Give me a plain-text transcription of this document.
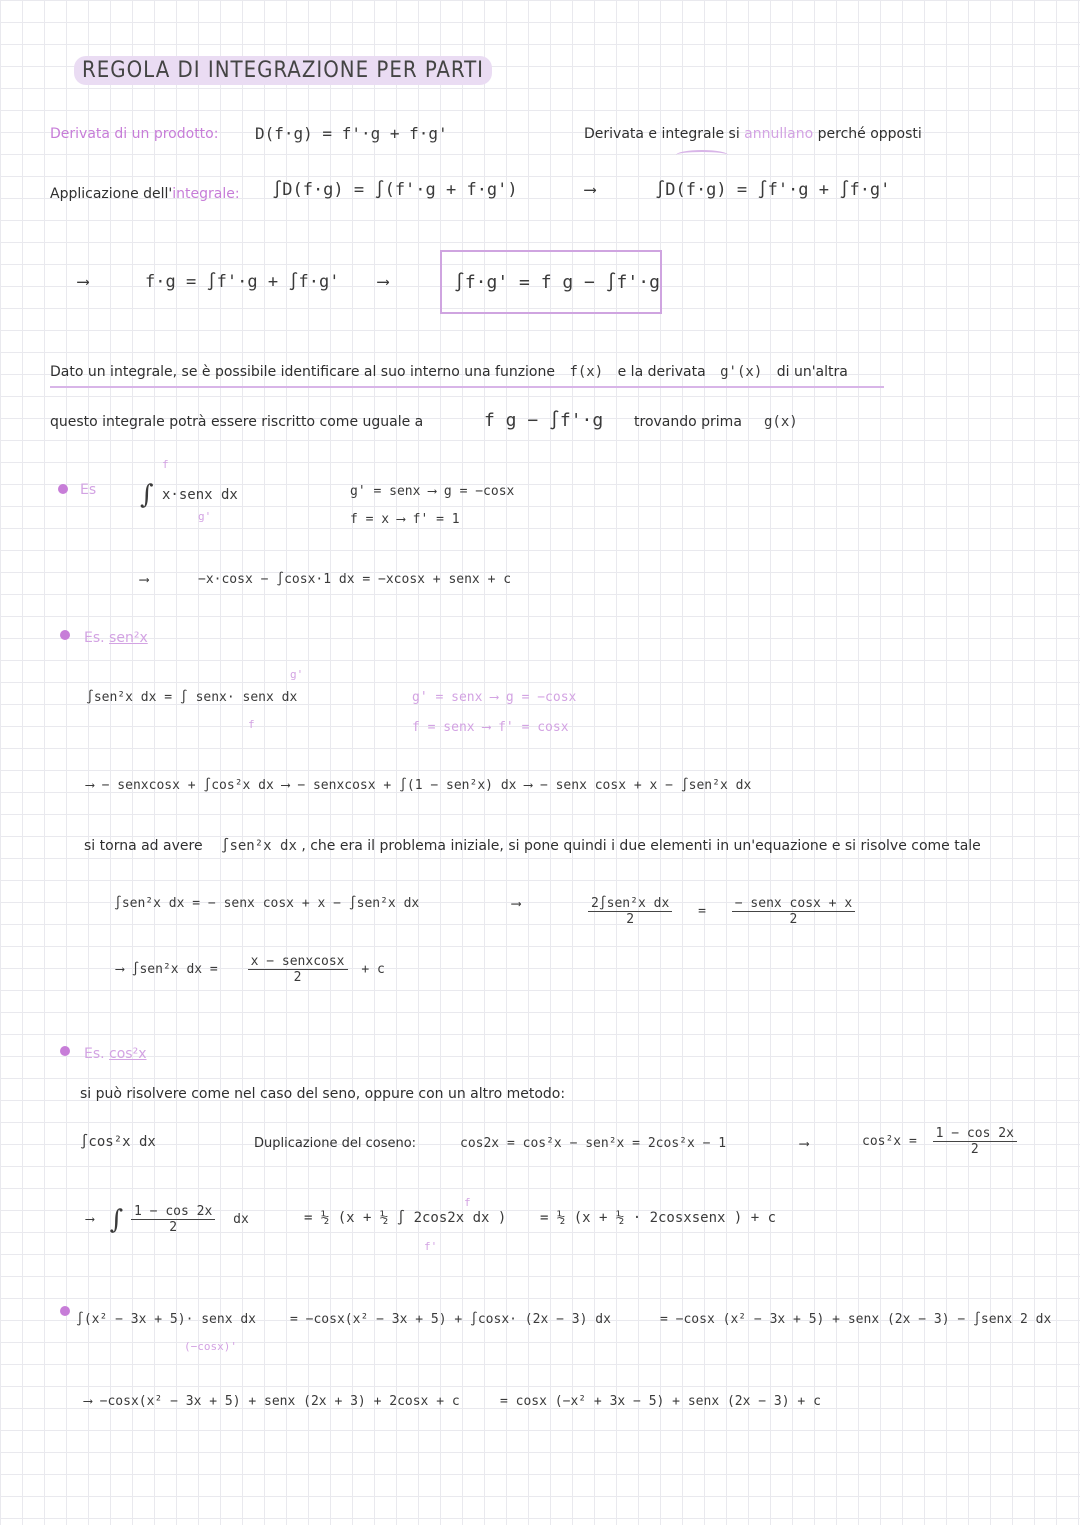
REGOLA DI INTEGRAZIONE PER PARTI
Derivata di un prodotto: D(f·g) = f'·g + f·g'	Derivata e integrale si annullano perché opposti
Applicazione dell'integrale: ∫D(f·g) = ∫(f'·g + f·g')	⟶	∫D(f·g) = ∫f'·g + ∫f·g'
⟶	f·g = ∫f'·g + ∫f·g' ⟶	∫f·g' = f g − ∫f'·g
Dato un integrale, se è possibile identificare al suo interno una funzione f(x) e la derivata g'(x) di un'altra
questo integrale potrà essere riscritto come uguale a	f g − ∫f'·g trovando prima g(x)
Es
f
∫ x·senx dx
g'
g' = senx ⟶ g = −cosx
f = x ⟶ f' = 1
⟶	−x·cosx − ∫cosx·1 dx = −xcosx + senx + c
Es. sen²x
g'
∫sen²x dx = ∫ senx· senx dx
f
g' = senx ⟶ g = −cosx
f = senx ⟶ f' = cosx
⟶ − senxcosx + ∫cos²x dx ⟶ − senxcosx + ∫(1 − sen²x) dx ⟶ − senx cosx + x − ∫sen²x dx
si torna ad avere ∫sen²x dx , che era il problema iniziale, si pone quindi i due elementi in un'equazione e si risolve come tale
∫sen²x dx = − senx cosx + x − ∫sen²x dx	⟶	$\frac{\text{2∫sen²x dx}}{2} = \frac{\text{− senx cosx + x}}{2}$
⟶ ∫sen²x dx = $\frac{\text{x − senxcosx}}{2} + c$
Es. cos²x
si può risolvere come nel caso del seno, oppure con un altro metodo:
∫cos²x dx	Duplicazione del coseno:	cos2x = cos²x − sen²x = 2cos²x − 1	⟶	$\cos^2x = \frac{1 - \cos 2x}{2}$
⟶ ∫ $\frac{1 - \cos 2x}{2}$ dx
f
= ½ (x + ½ ∫ 2cos2x dx )
f'
= ½ (x + ½ · 2cosxsenx ) + c
∫(x² − 3x + 5)· senx dx
(−cosx)'
= −cosx(x² − 3x + 5) + ∫cosx· (2x − 3) dx	= −cosx (x² − 3x + 5) + senx (2x − 3) − ∫senx 2 dx
⟶ −cosx(x² − 3x + 5) + senx (2x + 3) + 2cosx + c	= cosx (−x² + 3x − 5) + senx (2x − 3) + c
